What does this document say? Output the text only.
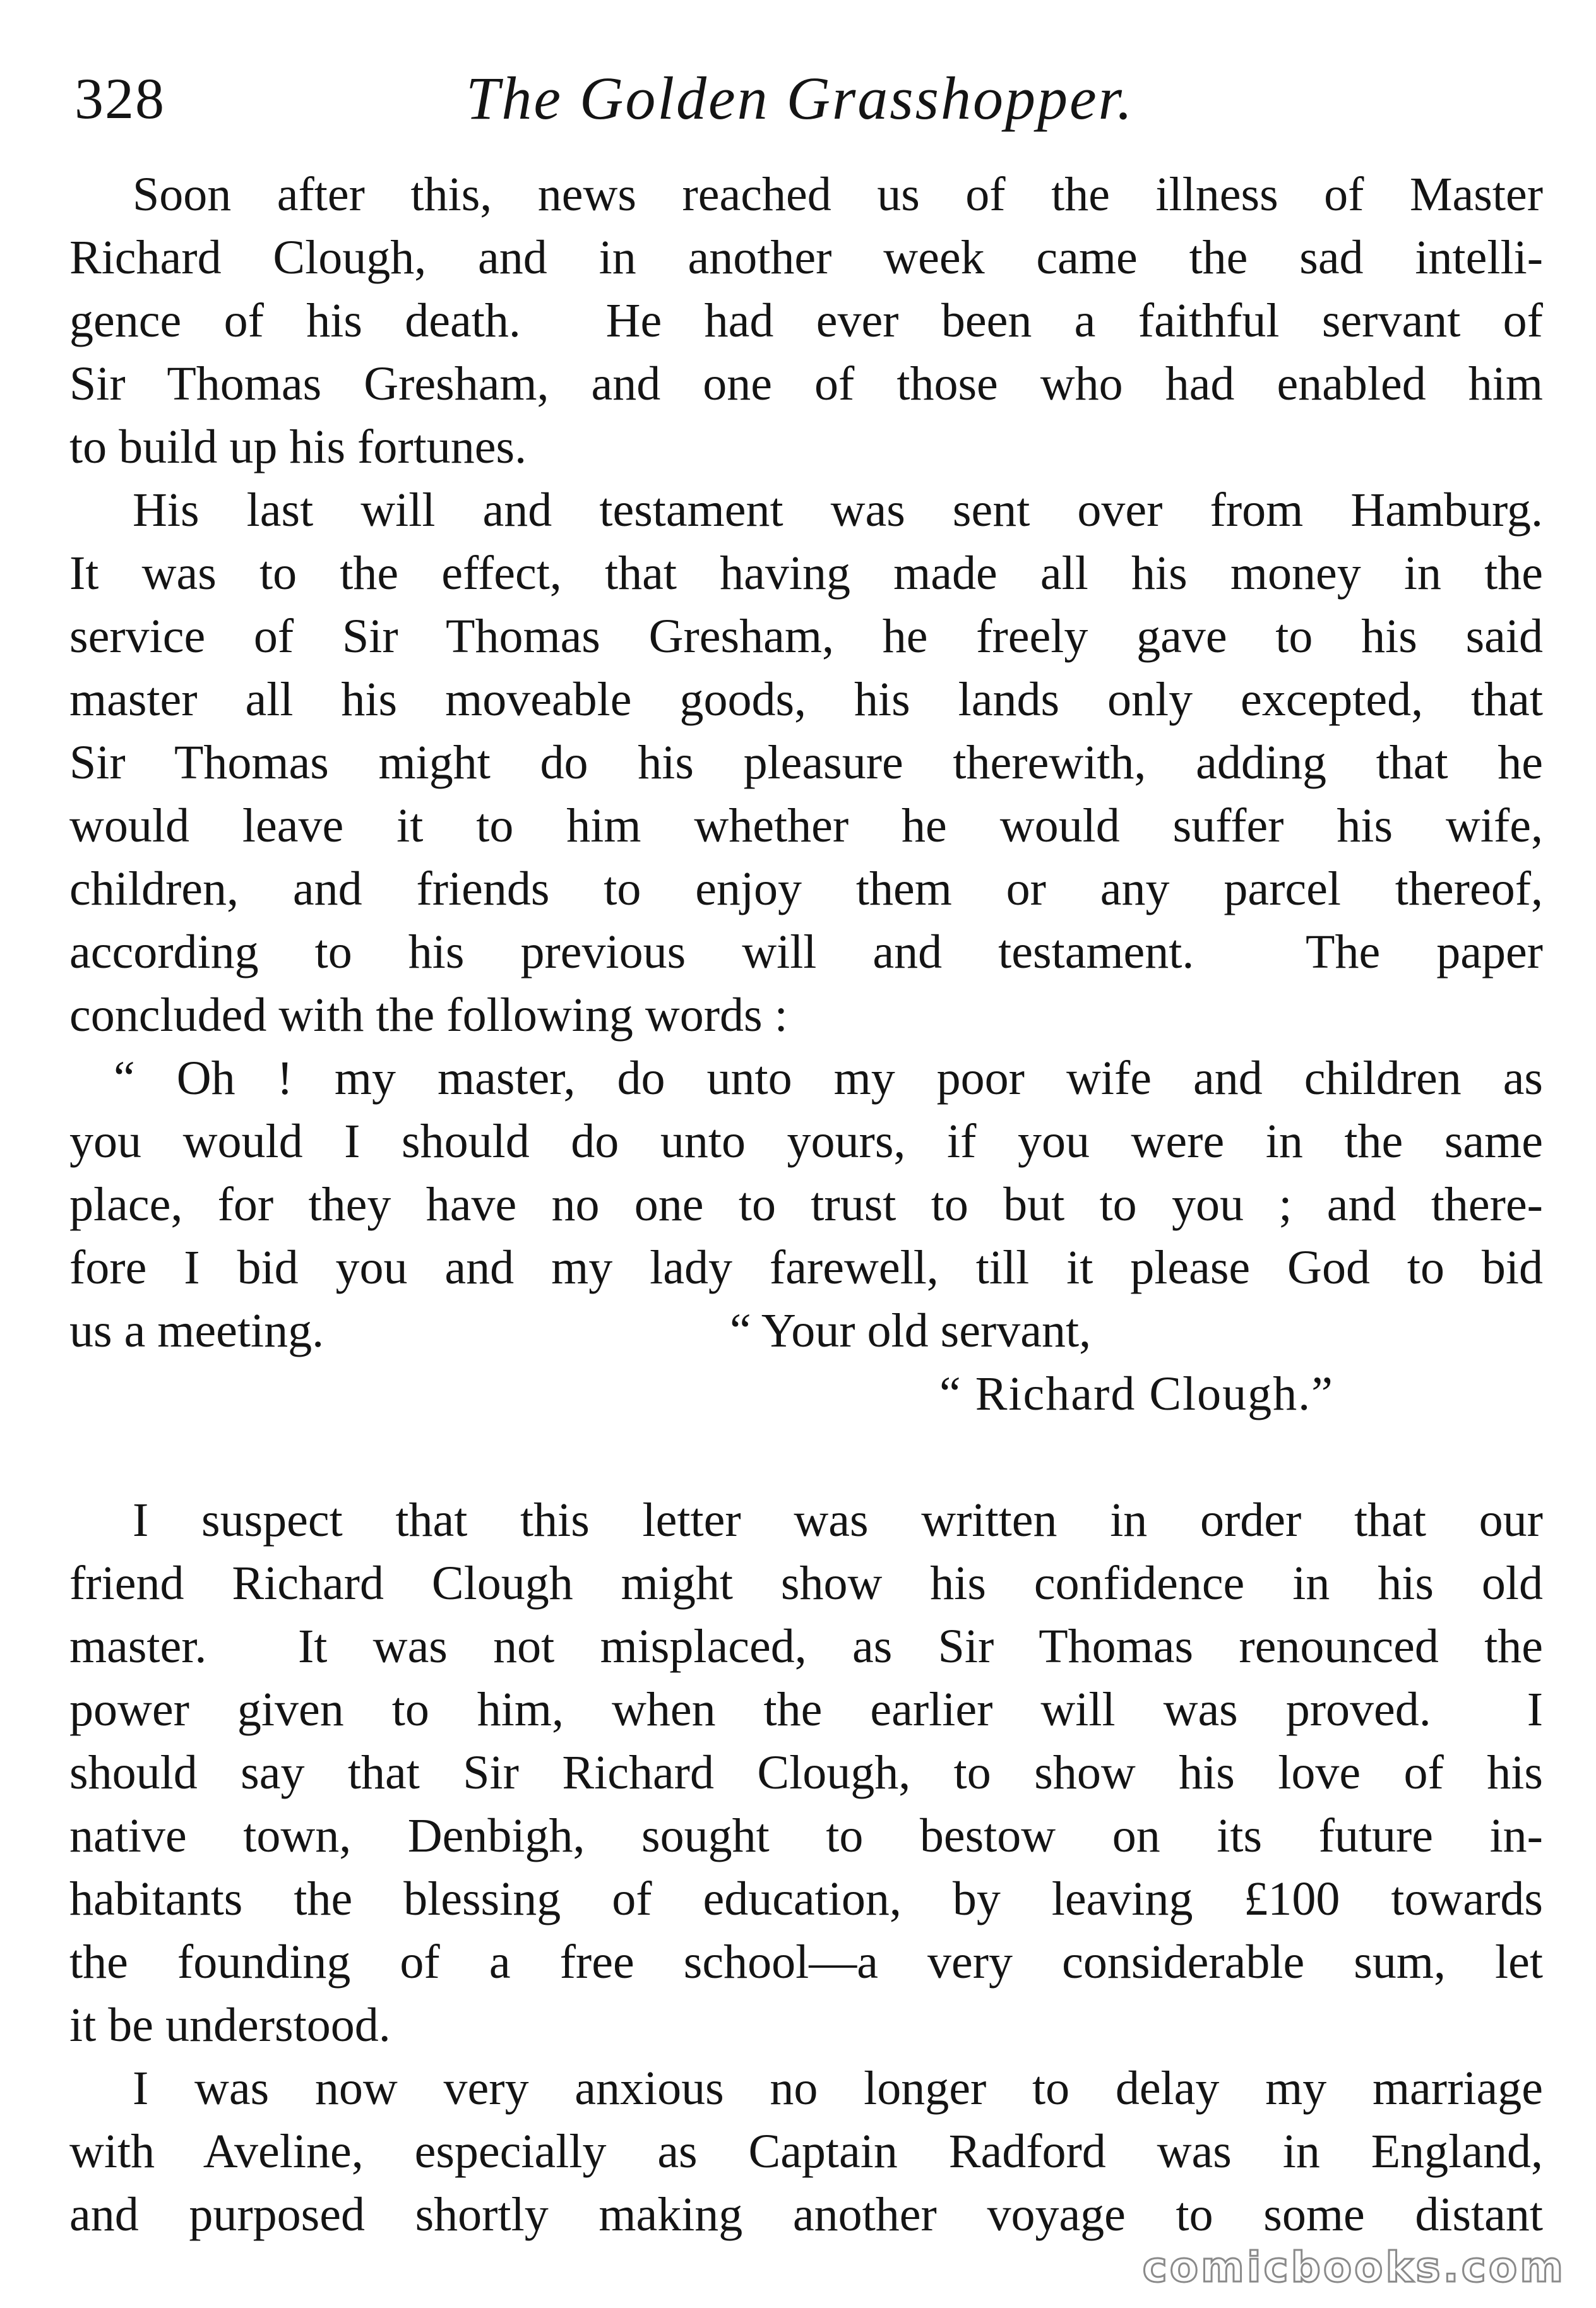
328	The Golden Grasshopper.
Soon after this, news reached us of the illness of Master
Richard Clough, and in another week came the sad intelli-
gence of his death.  He had ever been a faithful servant of
Sir Thomas Gresham, and one of those who had enabled him
to build up his fortunes.
His last will and testament was sent over from Hamburg.
It was to the effect, that having made all his money in the
service of Sir Thomas Gresham, he freely gave to his said
master all his moveable goods, his lands only excepted, that
Sir Thomas might do his pleasure therewith, adding that he
would leave it to him whether he would suffer his wife,
children, and friends to enjoy them or any parcel thereof,
according to his previous will and testament.  The paper
concluded with the following words :
“ Oh ! my master, do unto my poor wife and children as
you would I should do unto yours, if you were in the same
place, for they have no one to trust to but to you ; and there-
fore I bid you and my lady farewell, till it please God to bid
us a meeting.	“ Your old servant,
“ Richard Clough.”
I suspect that this letter was written in order that our
friend Richard Clough might show his confidence in his old
master.  It was not misplaced, as Sir Thomas renounced the
power given to him, when the earlier will was proved.  I
should say that Sir Richard Clough, to show his love of his
native town, Denbigh, sought to bestow on its future in-
habitants the blessing of education, by leaving £100 towards
the founding of a free school—a very considerable sum, let
it be understood.
I was now very anxious no longer to delay my marriage
with Aveline, especially as Captain Radford was in England,
and purposed shortly making another voyage to some distant
comicbooks.com
